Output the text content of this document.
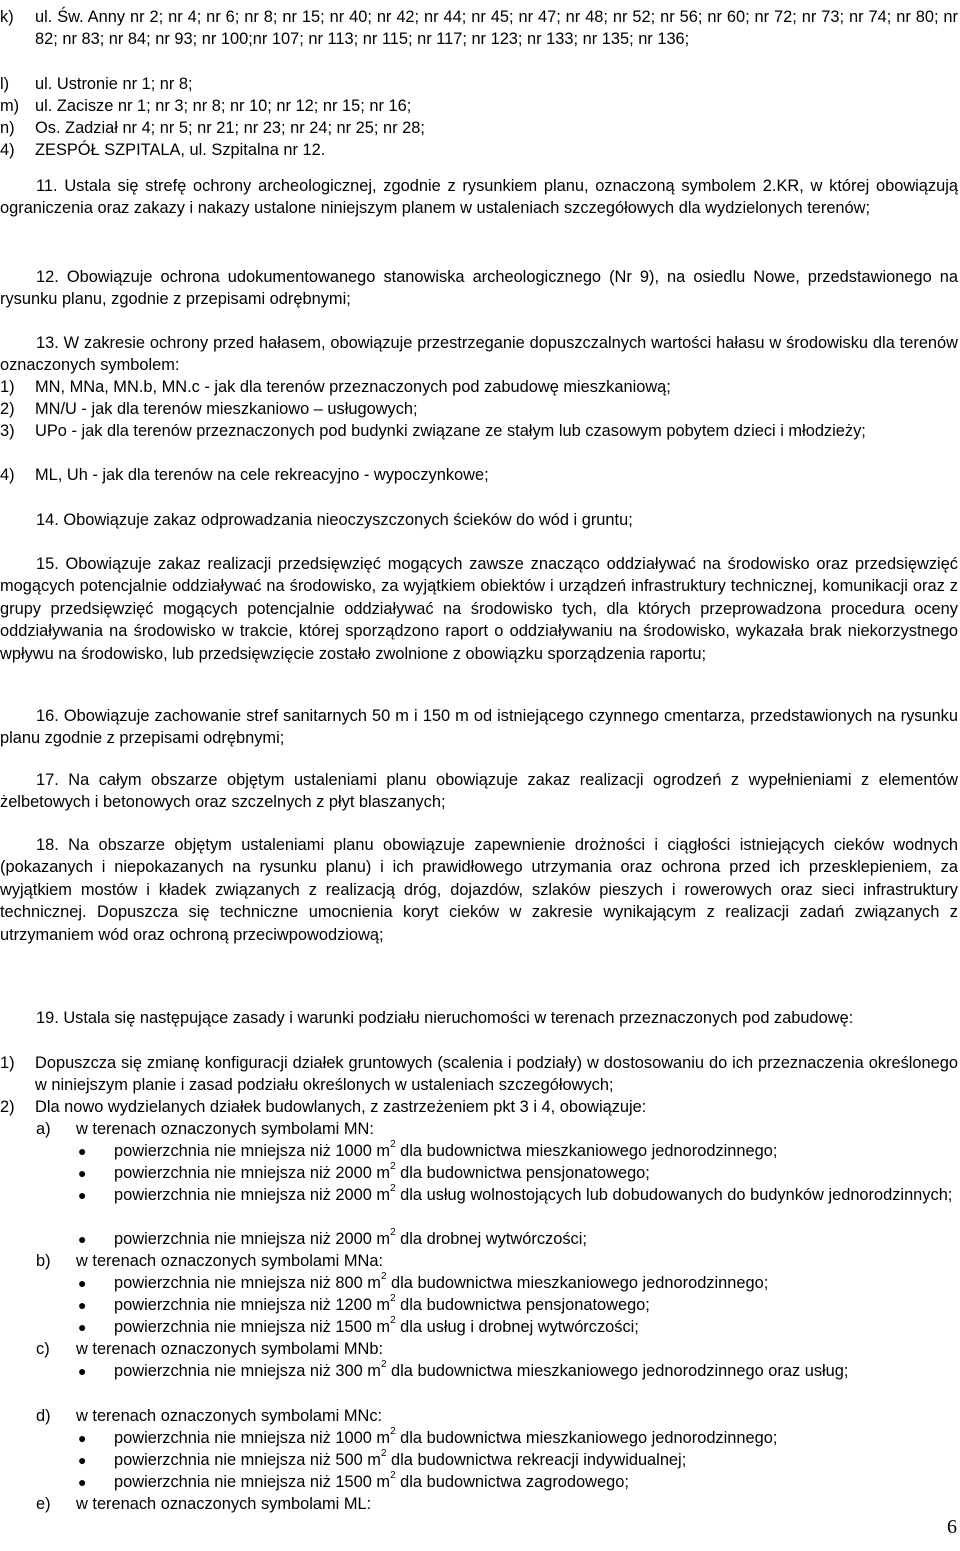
k) ul. Św. Anny nr 2; nr 4; nr 6; nr 8; nr 15; nr 40; nr 42; nr 44; nr 45; nr 47; nr 48; nr 52; nr 56; nr 60; nr 72; nr 73; nr 74; nr 80; nr 82; nr 83; nr 84; nr 93; nr 100;nr 107; nr 113; nr 115; nr 117; nr 123; nr 133; nr 135; nr 136;
l) ul. Ustronie nr 1; nr 8;
m) ul. Zacisze nr 1; nr 3; nr 8; nr 10; nr 12; nr 15; nr 16;
n) Os. Zadział nr 4; nr 5; nr 21; nr 23; nr 24; nr 25; nr 28;
4) ZESPÓŁ SZPITALA, ul. Szpitalna nr 12.
11. Ustala się strefę ochrony archeologicznej, zgodnie z rysunkiem planu, oznaczoną symbolem 2.KR, w której obowiązują ograniczenia oraz zakazy i nakazy ustalone niniejszym planem w ustaleniach szczegółowych dla wydzielonych terenów;
12. Obowiązuje ochrona udokumentowanego stanowiska archeologicznego (Nr 9), na osiedlu Nowe, przedstawionego na rysunku planu, zgodnie z przepisami odrębnymi;
13. W zakresie ochrony przed hałasem, obowiązuje przestrzeganie dopuszczalnych wartości hałasu w środowisku dla terenów oznaczonych symbolem:
1) MN, MNa, MN.b, MN.c - jak dla terenów przeznaczonych pod zabudowę mieszkaniową;
2) MN/U - jak dla terenów mieszkaniowo – usługowych;
3) UPo - jak dla terenów przeznaczonych pod budynki związane ze stałym lub czasowym pobytem dzieci i młodzieży;
4) ML, Uh - jak dla terenów na cele rekreacyjno - wypoczynkowe;
14. Obowiązuje zakaz odprowadzania nieoczyszczonych ścieków do wód i gruntu;
15. Obowiązuje zakaz realizacji przedsięwzięć mogących zawsze znacząco oddziaływać na środowisko oraz przedsięwzięć mogących potencjalnie oddziaływać na środowisko, za wyjątkiem obiektów i urządzeń infrastruktury technicznej, komunikacji oraz z grupy przedsięwzięć mogących potencjalnie oddziaływać na środowisko tych, dla których przeprowadzona procedura oceny oddziaływania na środowisko w trakcie, której sporządzono raport o oddziaływaniu na środowisko, wykazała brak niekorzystnego wpływu na środowisko, lub przedsięwzięcie zostało zwolnione z obowiązku sporządzenia raportu;
16. Obowiązuje zachowanie stref sanitarnych 50 m i 150 m od istniejącego czynnego cmentarza, przedstawionych na rysunku planu zgodnie z przepisami odrębnymi;
17. Na całym obszarze objętym ustaleniami planu obowiązuje zakaz realizacji ogrodzeń z wypełnieniami z elementów żelbetowych i betonowych oraz szczelnych z płyt blaszanych;
18. Na obszarze objętym ustaleniami planu obowiązuje zapewnienie drożności i ciągłości istniejących cieków wodnych (pokazanych i niepokazanych na rysunku planu) i ich prawidłowego utrzymania oraz ochrona przed ich przesklepieniem, za wyjątkiem mostów i kładek związanych z realizacją dróg, dojazdów, szlaków pieszych i rowerowych oraz sieci infrastruktury technicznej. Dopuszcza się techniczne umocnienia koryt cieków w zakresie wynikającym z realizacji zadań związanych z utrzymaniem wód oraz ochroną przeciwpowodziową;
19. Ustala się następujące zasady i warunki podziału nieruchomości w terenach przeznaczonych pod zabudowę:
1) Dopuszcza się zmianę konfiguracji działek gruntowych (scalenia i podziały) w dostosowaniu do ich przeznaczenia określonego w niniejszym planie i zasad podziału określonych w ustaleniach szczegółowych;
2) Dla nowo wydzielanych działek budowlanych, z zastrzeżeniem pkt 3 i 4, obowiązuje:
a) w terenach oznaczonych symbolami MN:
● powierzchnia nie mniejsza niż 1000 $m^2$ dla budownictwa mieszkaniowego jednorodzinnego;
● powierzchnia nie mniejsza niż 2000 $m^2$ dla budownictwa pensjonatowego;
● powierzchnia nie mniejsza niż 2000 $m^2$ dla usług wolnostojących lub dobudowanych do budynków jednorodzinnych;
● powierzchnia nie mniejsza niż 2000 $m^2$ dla drobnej wytwórczości;
b) w terenach oznaczonych symbolami MNa:
● powierzchnia nie mniejsza niż 800 $m^2$ dla budownictwa mieszkaniowego jednorodzinnego;
● powierzchnia nie mniejsza niż 1200 $m^2$ dla budownictwa pensjonatowego;
● powierzchnia nie mniejsza niż 1500 $m^2$ dla usług i drobnej wytwórczości;
c) w terenach oznaczonych symbolami MNb:
● powierzchnia nie mniejsza niż 300 $m^2$ dla budownictwa mieszkaniowego jednorodzinnego oraz usług;
d) w terenach oznaczonych symbolami MNc:
● powierzchnia nie mniejsza niż 1000 $m^2$ dla budownictwa mieszkaniowego jednorodzinnego;
● powierzchnia nie mniejsza niż 500 $m^2$ dla budownictwa rekreacji indywidualnej;
● powierzchnia nie mniejsza niż 1500 $m^2$ dla budownictwa zagrodowego;
e) w terenach oznaczonych symbolami ML:
6
